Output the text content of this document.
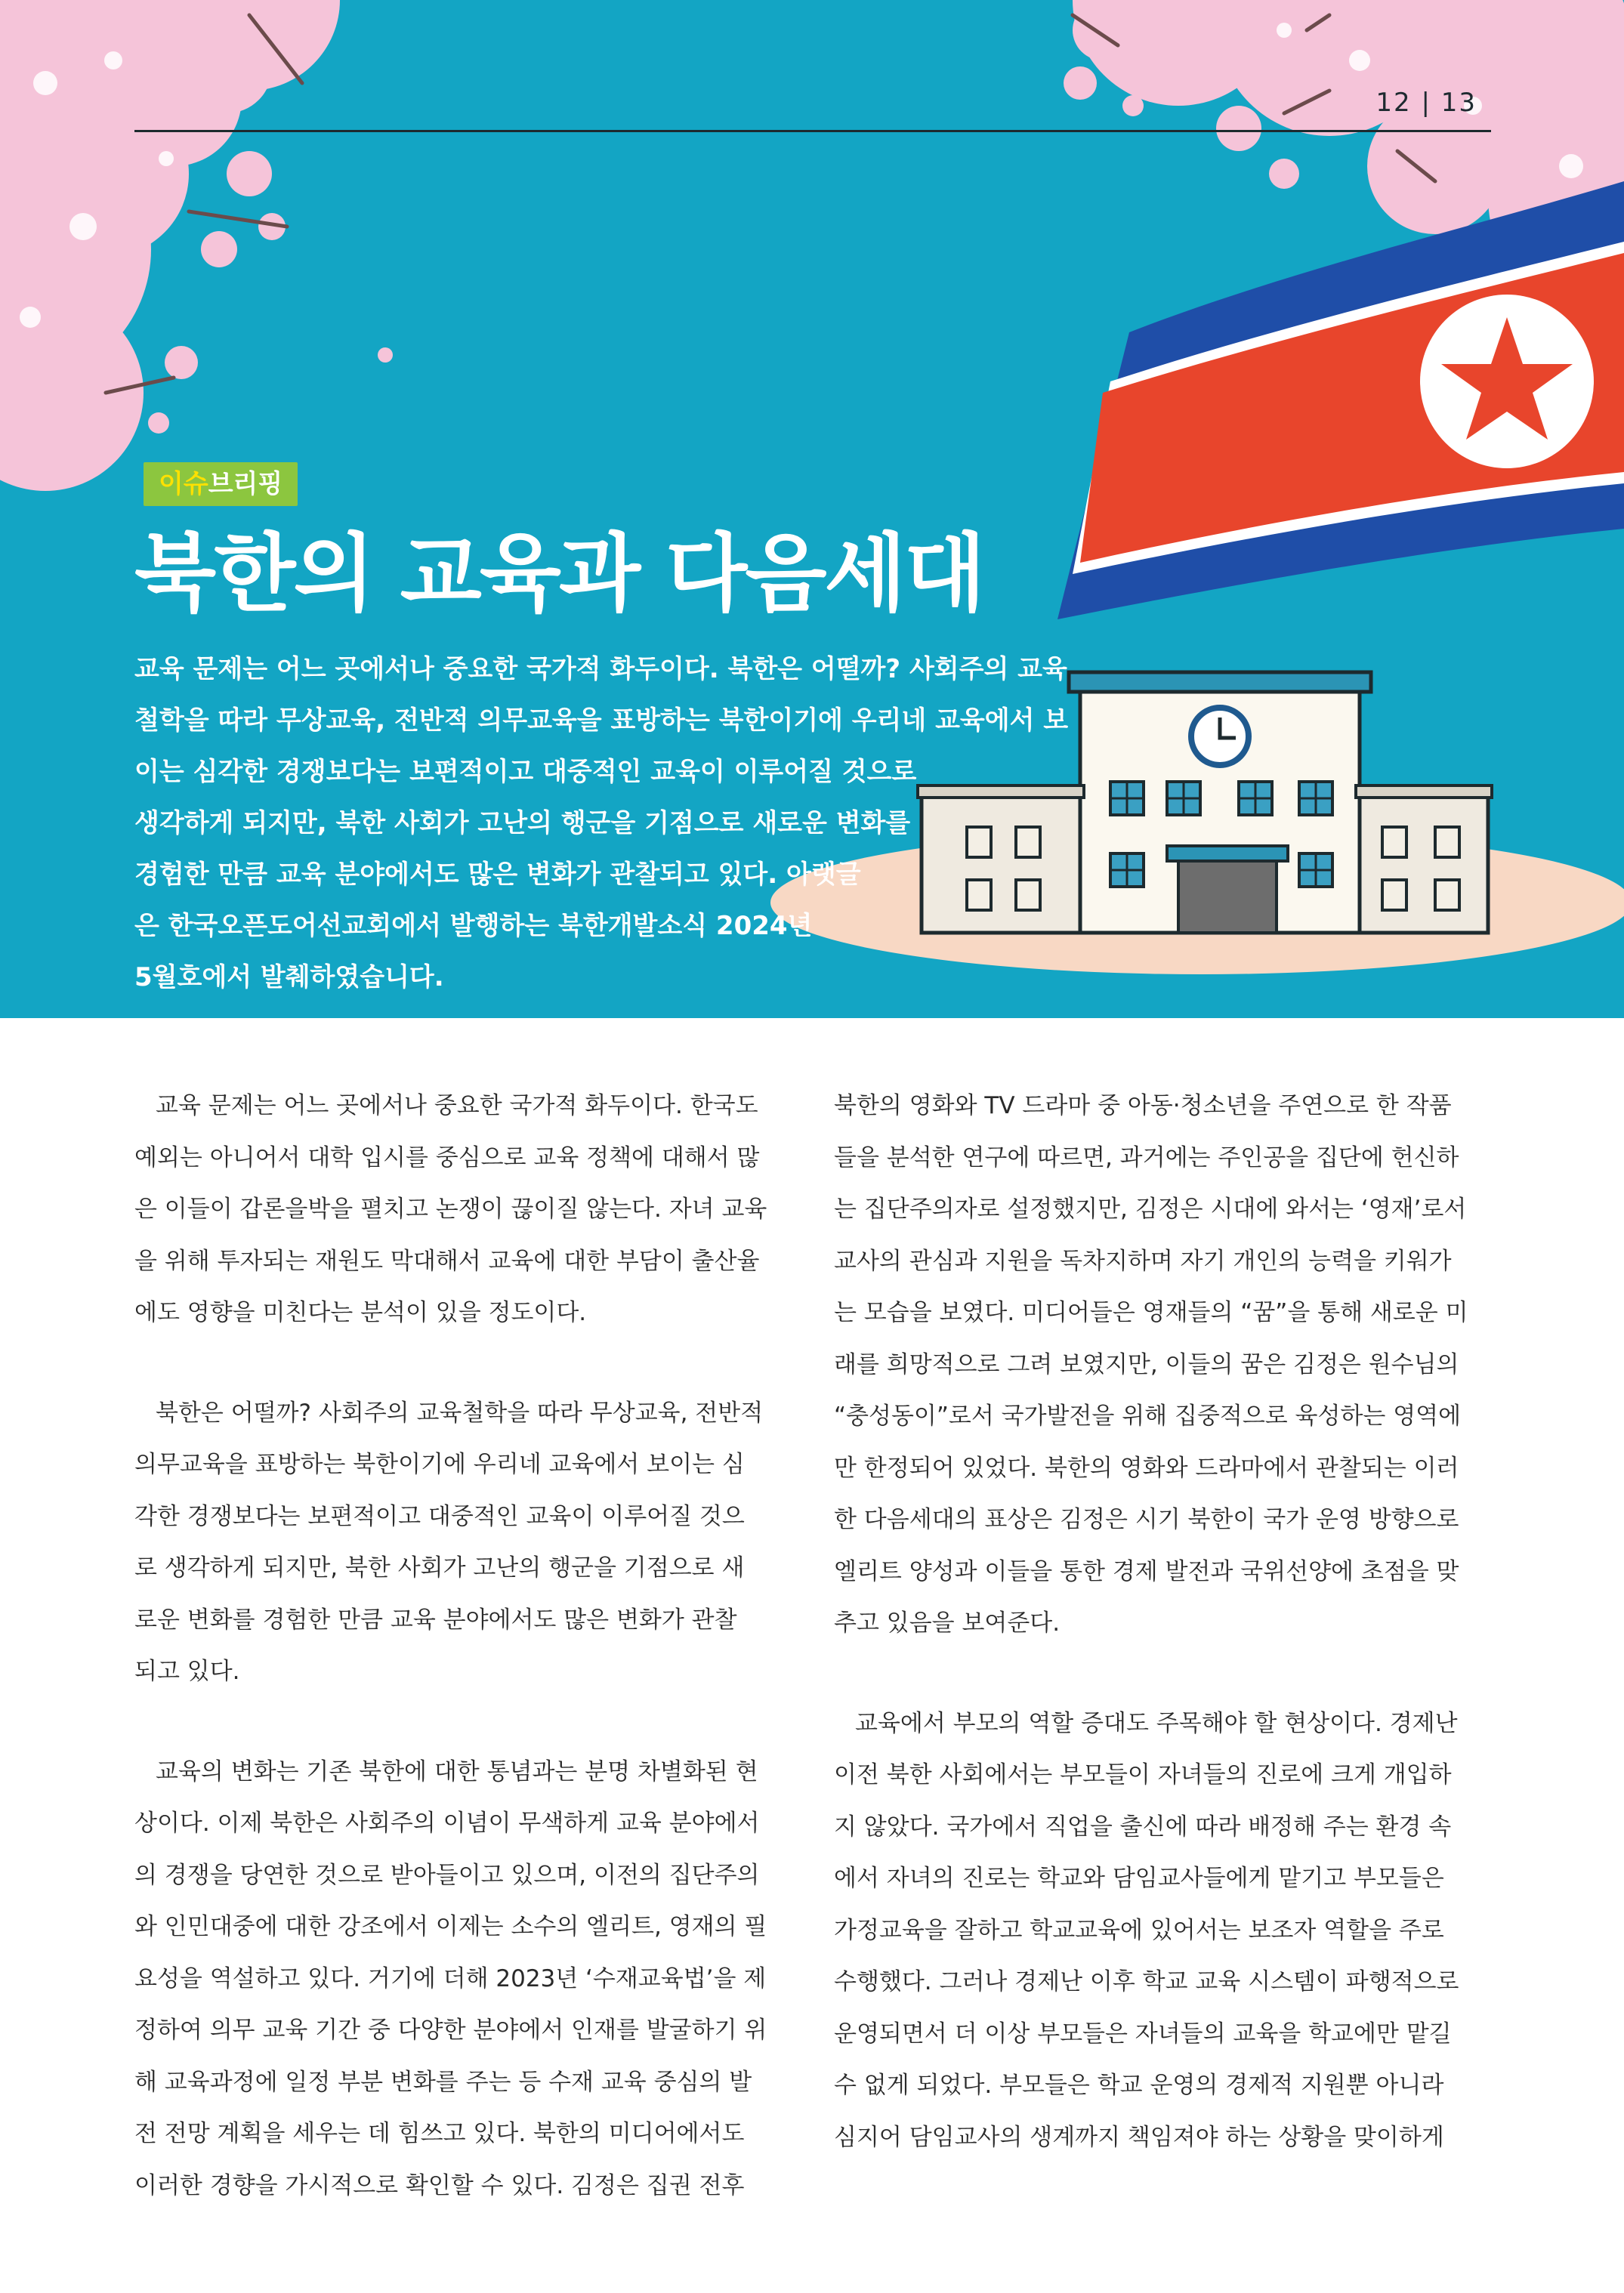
12 | 13
이슈브리핑
북한의 교육과 다음세대
교육 문제는 어느 곳에서나 중요한 국가적 화두이다. 북한은 어떨까? 사회주의 교육
철학을 따라 무상교육, 전반적 의무교육을 표방하는 북한이기에 우리네 교육에서 보
이는 심각한 경쟁보다는 보편적이고 대중적인 교육이 이루어질 것으로
생각하게 되지만, 북한 사회가 고난의 행군을 기점으로 새로운 변화를
경험한 만큼 교육 분야에서도 많은 변화가 관찰되고 있다. 아랫글
은 한국오픈도어선교회에서 발행하는 북한개발소식 2024년
5월호에서 발췌하였습니다.

교육 문제는 어느 곳에서나 중요한 국가적 화두이다. 한국도
예외는 아니어서 대학 입시를 중심으로 교육 정책에 대해서 많
은 이들이 갑론을박을 펼치고 논쟁이 끊이질 않는다. 자녀 교육
을 위해 투자되는 재원도 막대해서 교육에 대한 부담이 출산율
에도 영향을 미친다는 분석이 있을 정도이다.

북한은 어떨까? 사회주의 교육철학을 따라 무상교육, 전반적
의무교육을 표방하는 북한이기에 우리네 교육에서 보이는 심
각한 경쟁보다는 보편적이고 대중적인 교육이 이루어질 것으
로 생각하게 되지만, 북한 사회가 고난의 행군을 기점으로 새
로운 변화를 경험한 만큼 교육 분야에서도 많은 변화가 관찰
되고 있다.

교육의 변화는 기존 북한에 대한 통념과는 분명 차별화된 현
상이다. 이제 북한은 사회주의 이념이 무색하게 교육 분야에서
의 경쟁을 당연한 것으로 받아들이고 있으며, 이전의 집단주의
와 인민대중에 대한 강조에서 이제는 소수의 엘리트, 영재의 필
요성을 역설하고 있다. 거기에 더해 2023년 ‘수재교육법’을 제
정하여 의무 교육 기간 중 다양한 분야에서 인재를 발굴하기 위
해 교육과정에 일정 부분 변화를 주는 등 수재 교육 중심의 발
전 전망 계획을 세우는 데 힘쓰고 있다. 북한의 미디어에서도
이러한 경향을 가시적으로 확인할 수 있다. 김정은 집권 전후

북한의 영화와 TV 드라마 중 아동·청소년을 주연으로 한 작품
들을 분석한 연구에 따르면, 과거에는 주인공을 집단에 헌신하
는 집단주의자로 설정했지만, 김정은 시대에 와서는 ‘영재’로서
교사의 관심과 지원을 독차지하며 자기 개인의 능력을 키워가
는 모습을 보였다. 미디어들은 영재들의 “꿈”을 통해 새로운 미
래를 희망적으로 그려 보였지만, 이들의 꿈은 김정은 원수님의
“충성동이”로서 국가발전을 위해 집중적으로 육성하는 영역에
만 한정되어 있었다. 북한의 영화와 드라마에서 관찰되는 이러
한 다음세대의 표상은 김정은 시기 북한이 국가 운영 방향으로
엘리트 양성과 이들을 통한 경제 발전과 국위선양에 초점을 맞
추고 있음을 보여준다.

교육에서 부모의 역할 증대도 주목해야 할 현상이다. 경제난
이전 북한 사회에서는 부모들이 자녀들의 진로에 크게 개입하
지 않았다. 국가에서 직업을 출신에 따라 배정해 주는 환경 속
에서 자녀의 진로는 학교와 담임교사들에게 맡기고 부모들은
가정교육을 잘하고 학교교육에 있어서는 보조자 역할을 주로
수행했다. 그러나 경제난 이후 학교 교육 시스템이 파행적으로
운영되면서 더 이상 부모들은 자녀들의 교육을 학교에만 맡길
수 없게 되었다. 부모들은 학교 운영의 경제적 지원뿐 아니라
심지어 담임교사의 생계까지 책임져야 하는 상황을 맞이하게
